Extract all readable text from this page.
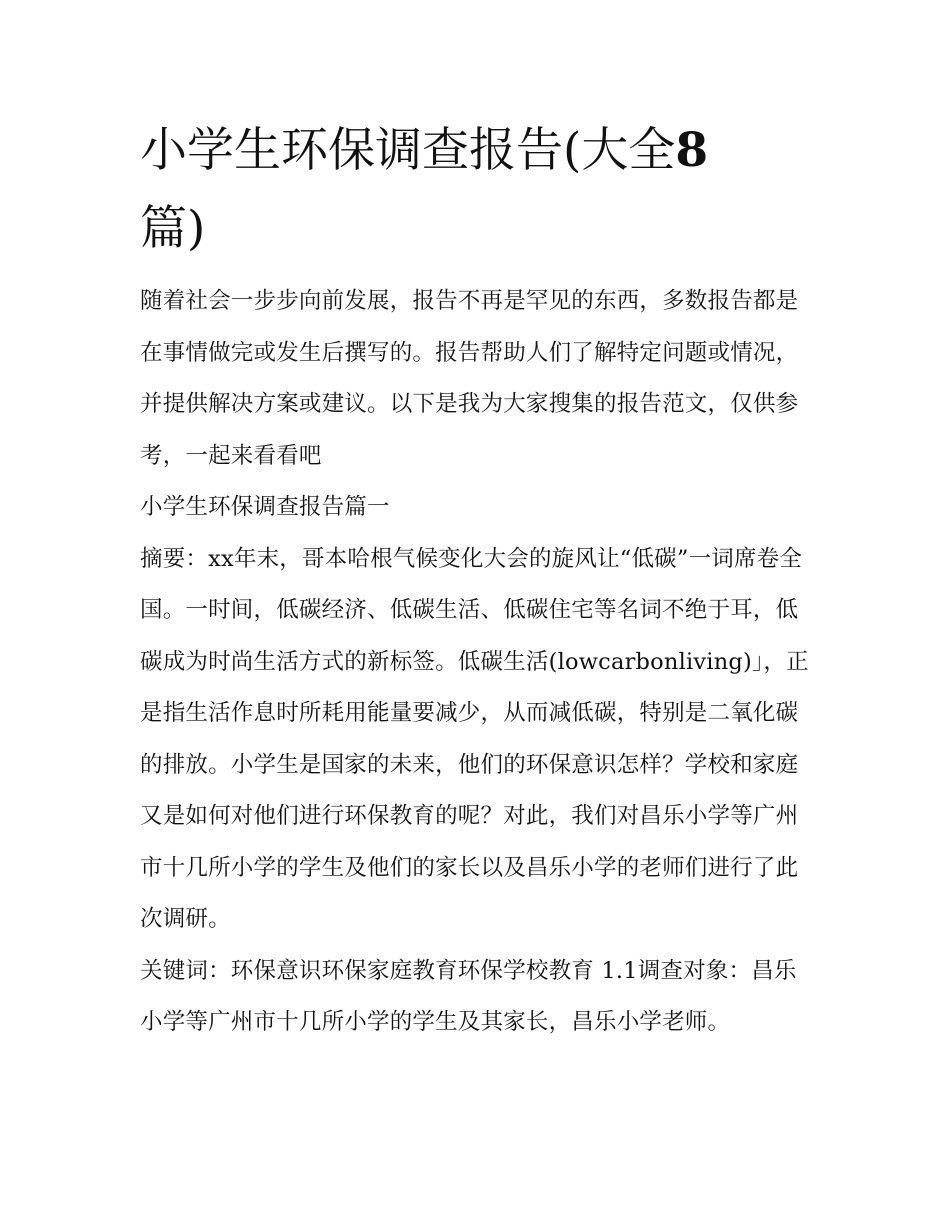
小学生环保调查报告(大全8
篇)

随着社会一步步向前发展，报告不再是罕见的东西，多数报告都是在事情做完或发生后撰写的。报告帮助人们了解特定问题或情况，并提供解决方案或建议。以下是我为大家搜集的报告范文，仅供参考，一起来看看吧

小学生环保调查报告篇一

摘要：xx年末，哥本哈根气候变化大会的旋风让“低碳”一词席卷全国。一时间，低碳经济、低碳生活、低碳住宅等名词不绝于耳，低碳成为时尚生活方式的新标签。低碳生活(lowcarbonliving)」，正是指生活作息时所耗用能量要减少，从而减低碳，特别是二氧化碳的排放。小学生是国家的未来，他们的环保意识怎样？学校和家庭又是如何对他们进行环保教育的呢？对此，我们对昌乐小学等广州市十几所小学的学生及他们的家长以及昌乐小学的老师们进行了此次调研。

关键词：环保意识环保家庭教育环保学校教育 1.1调查对象：昌乐小学等广州市十几所小学的学生及其家长，昌乐小学老师。
